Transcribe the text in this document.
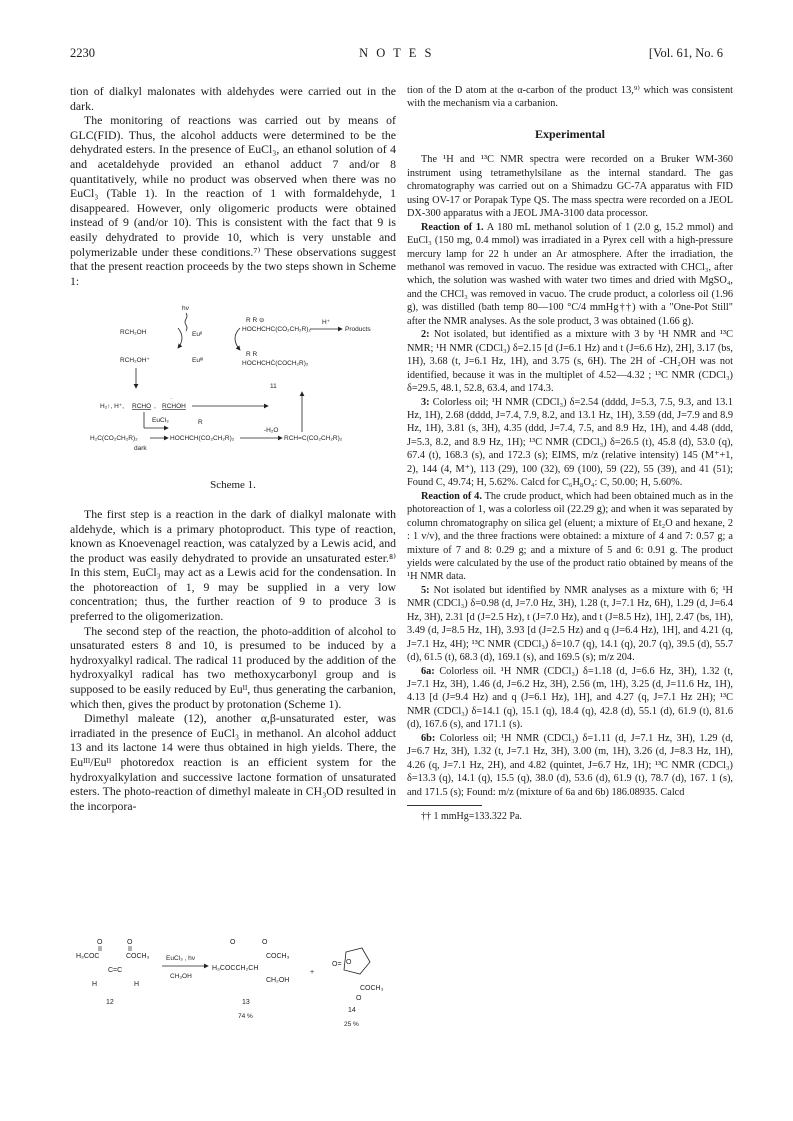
2230	N O T E S	[Vol. 61, No. 6

tion of dialkyl malonates with aldehydes were carried out in the dark.

The monitoring of reactions was carried out by means of GLC(FID). Thus, the alcohol adducts were determined to be the dehydrated esters. In the presence of EuCl₃, an ethanol solution of 4 and acetaldehyde provided an ethanol adduct 7 and/or 8 quantitatively, while no product was observed when there was no EuCl₃ (Table 1). In the reaction of 1 with formaldehyde, 1 disappeared. However, only oligomeric products were obtained instead of 9 (and/or 10). This is consistent with the fact that 9 is easily dehydrated to provide 10, which is very unstable and polymerizable under these conditions.⁷⁾ These observations suggest that the present reaction proceeds by the two steps shown in Scheme 1:

hν
RCH₂OH	Euᴵᴵ
R R ⊝
HOCHCHC(CO₂CH₂R)₂
H⁺
Products
RCH₂OH⁺	Euᴵᴵᴵ
R R
HOCHCHĊ(COCH₂R)₂
11
H₂↑, H⁺, RCHO ,
·
RCHOH
EuCl₃	R
H₂C(CO₂CH₂R)₂
dark
HOCHCH(CO₂CH₂R)₂
-H₂O
RCH=C(CO₂CH₂R)₂
Scheme 1.

The first step is a reaction in the dark of dialkyl malonate with aldehyde, which is a primary photoproduct. This type of reaction, known as Knoevenagel reaction, was catalyzed by a Lewis acid, and the product was easily dehydrated to provide an unsaturated ester.⁸⁾ In this stem, EuCl₃ may act as a Lewis acid for the condensation. In the photoreaction of 1, 9 may be supplied in a very low concentration; thus, the further reaction of 9 to produce 3 is preferred to the oligomerization.

The second step of the reaction, the photo-addition of alcohol to unsaturated esters 8 and 10, is presumed to be induced by a hydroxyalkyl radical. The radical 11 produced by the addition of the hydroxyalkyl radical has two methoxycarbonyl group and is supposed to be easily reduced by Euᴵᴵ, thus generating the carbanion, which then, gives the product by protonation (Scheme 1).

Dimethyl maleate (12), another α,β-unsaturated ester, was irradiated in the presence of EuCl₃ in methanol. An alcohol adduct 13 and its lactone 14 were thus obtained in high yields. There, the Euᴵᴵᴵ/Euᴵᴵ photoredox reaction is an efficient system for the hydroxyalkylation and successive lactone formation of unsaturated esters. The photo-reaction of dimethyl maleate in CH₃OD resulted in the incorpora-

O	O
H₃COC	COCH₃
C=C
H	H
12
EuCl₃ , hν
CH₃OH
O	O
H₃COCCH₂CH
COCH₃
CH₂OH
13
74 %
+
O= O
COCH₃
O
14
25 %

tion of the D atom at the α-carbon of the product 13,⁹⁾ which was consistent with the mechanism via a carbanion.

Experimental

The ¹H and ¹³C NMR spectra were recorded on a Bruker WM-360 instrument using tetramethylsilane as the internal standard. The gas chromatography was carried out on a Shimadzu GC-7A apparatus with FID using OV-17 or Porapak Type QS. The mass spectra were recorded on a JEOL DX-300 apparatus with a JEOL JMA-3100 data processor.

Reaction of 1. A 180 mL methanol solution of 1 (2.0 g, 15.2 mmol) and EuCl₃ (150 mg, 0.4 mmol) was irradiated in a Pyrex cell with a high-pressure mercury lamp for 22 h under an Ar atmosphere. After the irradiation, the methanol was removed in vacuo. The residue was extracted with CHCl₃, after which, the solution was washed with water two times and dried with MgSO₄, and the CHCl₃ was removed in vacuo. The crude product, a colorless oil (1.96 g), was distilled (bath temp 80—100 °C/4 mmHg††) with a "One-Pot Still" after the NMR analyses. As the sole product, 3 was obtained (1.66 g).

2: Not isolated, but identified as a mixture with 3 by ¹H NMR and ¹³C NMR; ¹H NMR (CDCl₃) δ=2.15 [d (J=6.1 Hz) and t (J=6.6 Hz), 2H], 3.17 (bs, 1H), 3.68 (t, J=6.1 Hz, 1H), and 3.75 (s, 6H). The 2H of -CH₂OH was not identified, because it was in the multiplet of 4.52—4.32 ; ¹³C NMR (CDCl₃) δ=29.5, 48.1, 52.8, 63.4, and 174.3.

3: Colorless oil; ¹H NMR (CDCl₃) δ=2.54 (dddd, J=5.3, 7.5, 9.3, and 13.1 Hz, 1H), 2.68 (dddd, J=7.4, 7.9, 8.2, and 13.1 Hz, 1H), 3.59 (dd, J=7.9 and 8.9 Hz, 1H), 3.81 (s, 3H), 4.35 (ddd, J=7.4, 7.5, and 8.9 Hz, 1H), and 4.48 (ddd, J=5.3, 8.2, and 8.9 Hz, 1H); ¹³C NMR (CDCl₃) δ=26.5 (t), 45.8 (d), 53.0 (q), 67.4 (t), 168.3 (s), and 172.3 (s); EIMS, m/z (relative intensity) 145 (M⁺+1, 2), 144 (4, M⁺), 113 (29), 100 (32), 69 (100), 59 (22), 55 (39), and 41 (51); Found C, 49.74; H, 5.62%. Calcd for C₆H₈O₄: C, 50.00; H, 5.60%.

Reaction of 4. The crude product, which had been obtained much as in the photoreaction of 1, was a colorless oil (22.29 g); and when it was separated by column chromatography on silica gel (eluent; a mixture of Et₂O and hexane, 2 : 1 v/v), and the three fractions were obtained: a mixture of 4 and 7: 0.57 g; a mixture of 7 and 8: 0.29 g; and a mixture of 5 and 6: 0.91 g. The product yields were calculated by the use of the product ratio obtained by means of the ¹H NMR data.

5: Not isolated but identified by NMR analyses as a mixture with 6; ¹H NMR (CDCl₃) δ=0.98 (d, J=7.0 Hz, 3H), 1.28 (t, J=7.1 Hz, 6H), 1.29 (d, J=6.4 Hz, 3H), 2.31 [d (J=2.5 Hz), t (J=7.0 Hz), and t (J=8.5 Hz), 1H], 2.47 (bs, 1H), 3.49 (d, J=8.5 Hz, 1H), 3.93 [d (J=2.5 Hz) and q (J=6.4 Hz), 1H], and 4.21 (q, J=7.1 Hz, 4H); ¹³C NMR (CDCl₃) δ=10.7 (q), 14.1 (q), 20.7 (q), 39.5 (d), 55.7 (d), 61.5 (t), 68.3 (d), 169.1 (s), and 169.5 (s); m/z 204.

6a: Colorless oil. ¹H NMR (CDCl₃) δ=1.18 (d, J=6.6 Hz, 3H), 1.32 (t, J=7.1 Hz, 3H), 1.46 (d, J=6.2 Hz, 3H), 2.56 (m, 1H), 3.25 (d, J=11.6 Hz, 1H), 4.13 [d (J=9.4 Hz) and q (J=6.1 Hz), 1H], and 4.27 (q, J=7.1 Hz 2H); ¹³C NMR (CDCl₃) δ=14.1 (q), 15.1 (q), 18.4 (q), 42.8 (d), 55.1 (d), 61.9 (t), 81.6 (d), 167.6 (s), and 171.1 (s).

6b: Colorless oil; ¹H NMR (CDCl₃) δ=1.11 (d, J=7.1 Hz, 3H), 1.29 (d, J=6.7 Hz, 3H), 1.32 (t, J=7.1 Hz, 3H), 3.00 (m, 1H), 3.26 (d, J=8.3 Hz, 1H), 4.26 (q, J=7.1 Hz, 2H), and 4.82 (quintet, J=6.7 Hz, 1H); ¹³C NMR (CDCl₃) δ=13.3 (q), 14.1 (q), 15.5 (q), 38.0 (d), 53.6 (d), 61.9 (t), 78.7 (d), 167. 1 (s), and 171.5 (s); Found: m/z (mixture of 6a and 6b) 186.08935. Calcd

†† 1 mmHg=133.322 Pa.
